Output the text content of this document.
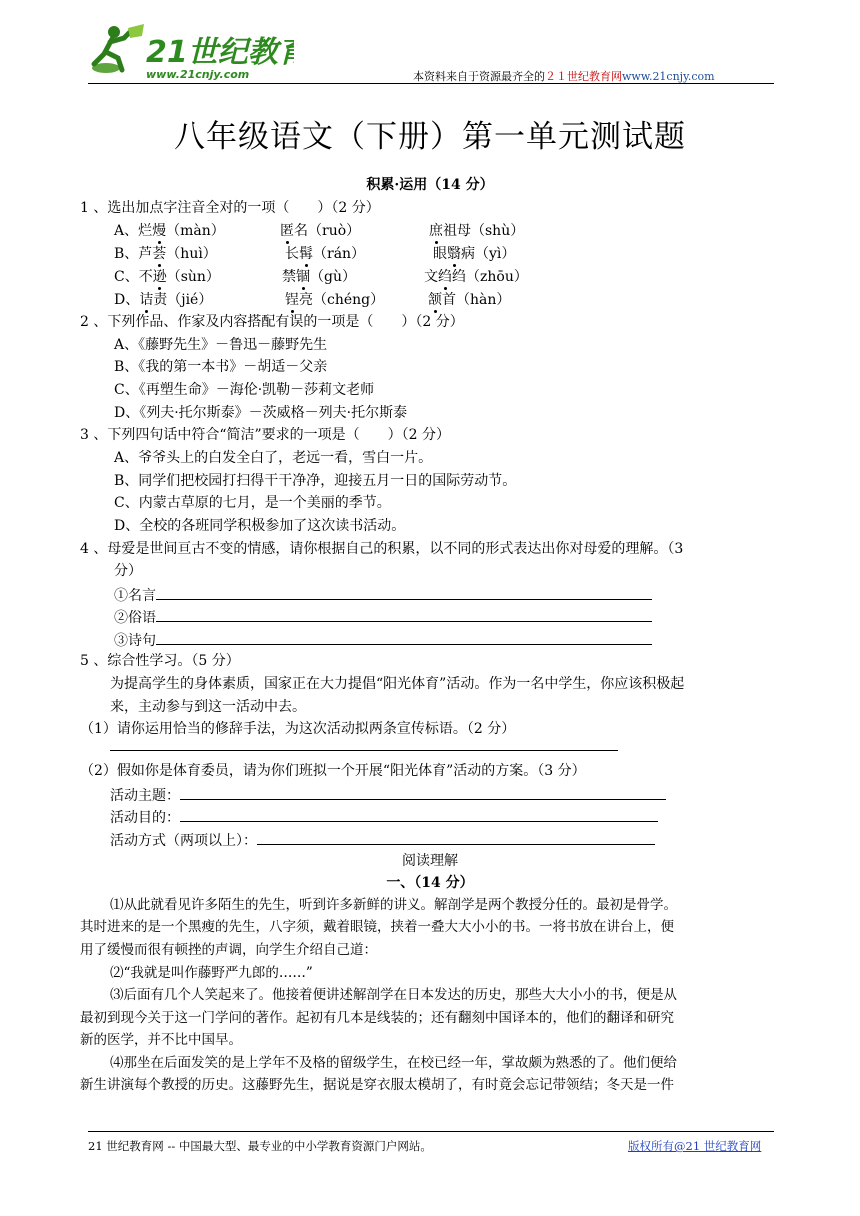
21世纪教育
www.21cnjy.com	本资料来自于资源最齐全的２１世纪教育网www.21cnjy.com
八年级语文（下册）第一单元测试题
积累·运用（14 分）
1 、选出加点字注音全对的一项（　　）（2 分）
A、烂熳（màn）	匿名（ruò）	庶祖母（shù）
B、芦荟（huì）	长髯（rán）	眼翳病（yì）
C、不逊（sùn）	禁锢（gù）	文绉绉（zhōu）
D、诘责（jié）	锃亮（chéng）	颔首（hàn）
2 、下列作品、作家及内容搭配有误的一项是（　　）（2 分）
A、《藤野先生》－鲁迅－藤野先生
B、《我的第一本书》－胡适－父亲
C、《再塑生命》－海伦·凯勒－莎莉文老师
D、《列夫·托尔斯泰》－茨威格－列夫·托尔斯泰
3 、下列四句话中符合“简洁”要求的一项是（　　）（2 分）
A、爷爷头上的白发全白了，老远一看，雪白一片。
B、同学们把校园打扫得干干净净，迎接五月一日的国际劳动节。
C、内蒙古草原的七月，是一个美丽的季节。
D、全校的各班同学积极参加了这次读书活动。
4 、母爱是世间亘古不变的情感，请你根据自己的积累，以不同的形式表达出你对母爱的理解。（3
分）
①名言
②俗语
③诗句
5 、综合性学习。（5 分）
为提高学生的身体素质，国家正在大力提倡“阳光体育”活动。作为一名中学生，你应该积极起
来，主动参与到这一活动中去。
（1）请你运用恰当的修辞手法，为这次活动拟两条宣传标语。（2 分）
（2）假如你是体育委员，请为你们班拟一个开展“阳光体育”活动的方案。（3 分）
活动主题：
活动目的：
活动方式（两项以上）：
阅读理解
一、（14 分）
⑴从此就看见许多陌生的先生，听到许多新鲜的讲义。解剖学是两个教授分任的。最初是骨学。
其时进来的是一个黑瘦的先生，八字须，戴着眼镜，挟着一叠大大小小的书。一将书放在讲台上，便
用了缓慢而很有顿挫的声调，向学生介绍自己道：
⑵“我就是叫作藤野严九郎的……”
⑶后面有几个人笑起来了。他接着便讲述解剖学在日本发达的历史，那些大大小小的书，便是从
最初到现今关于这一门学问的著作。起初有几本是线装的；还有翻刻中国译本的，他们的翻译和研究
新的医学，并不比中国早。
⑷那坐在后面发笑的是上学年不及格的留级学生，在校已经一年，掌故颇为熟悉的了。他们便给
新生讲演每个教授的历史。这藤野先生，据说是穿衣服太模胡了，有时竟会忘记带领结；冬天是一件
21 世纪教育网 -- 中国最大型、最专业的中小学教育资源门户网站。	版权所有@21 世纪教育网
